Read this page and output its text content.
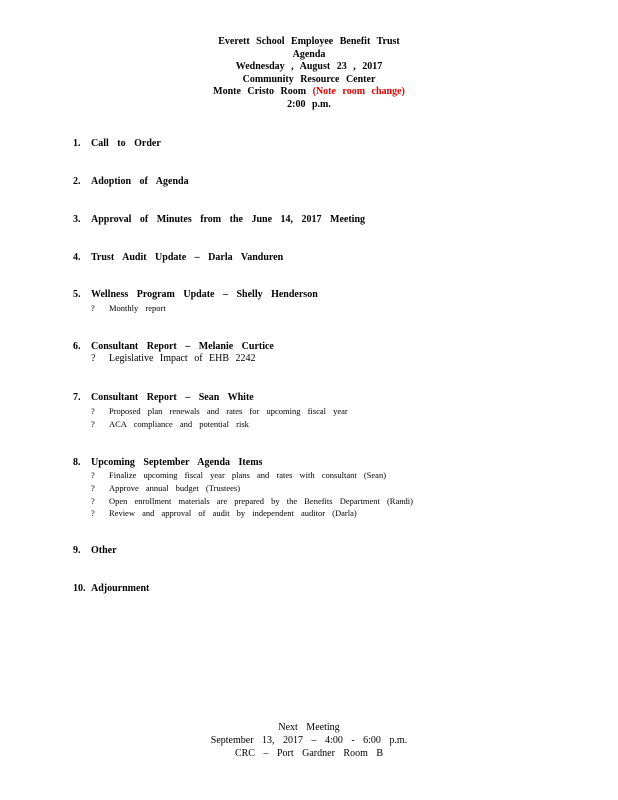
Everett School Employee Benefit Trust
Agenda
Wednesday , August 23 , 2017
Community Resource Center
Monte Cristo Room (Note room change)
2:00 p.m.
1. Call to Order
2. Adoption of Agenda
3. Approval of Minutes from the June 14, 2017 Meeting
4. Trust Audit Update – Darla Vanduren
5. Wellness Program Update – Shelly Henderson
? Monthly report
6. Consultant Report – Melanie Curtice
? Legislative Impact of EHB 2242
7. Consultant Report – Sean White
? Proposed plan renewals and rates for upcoming fiscal year
? ACA compliance and potential risk
8. Upcoming September Agenda Items
? Finalize upcoming fiscal year plans and rates with consultant (Sean)
? Approve annual budget (Trustees)
? Open enrollment materials are prepared by the Benefits Department (Randi)
? Review and approval of audit by independent auditor (Darla)
9. Other
10. Adjournment
Next Meeting
September 13, 2017 – 4:00 - 6:00 p.m.
CRC – Port Gardner Room B
